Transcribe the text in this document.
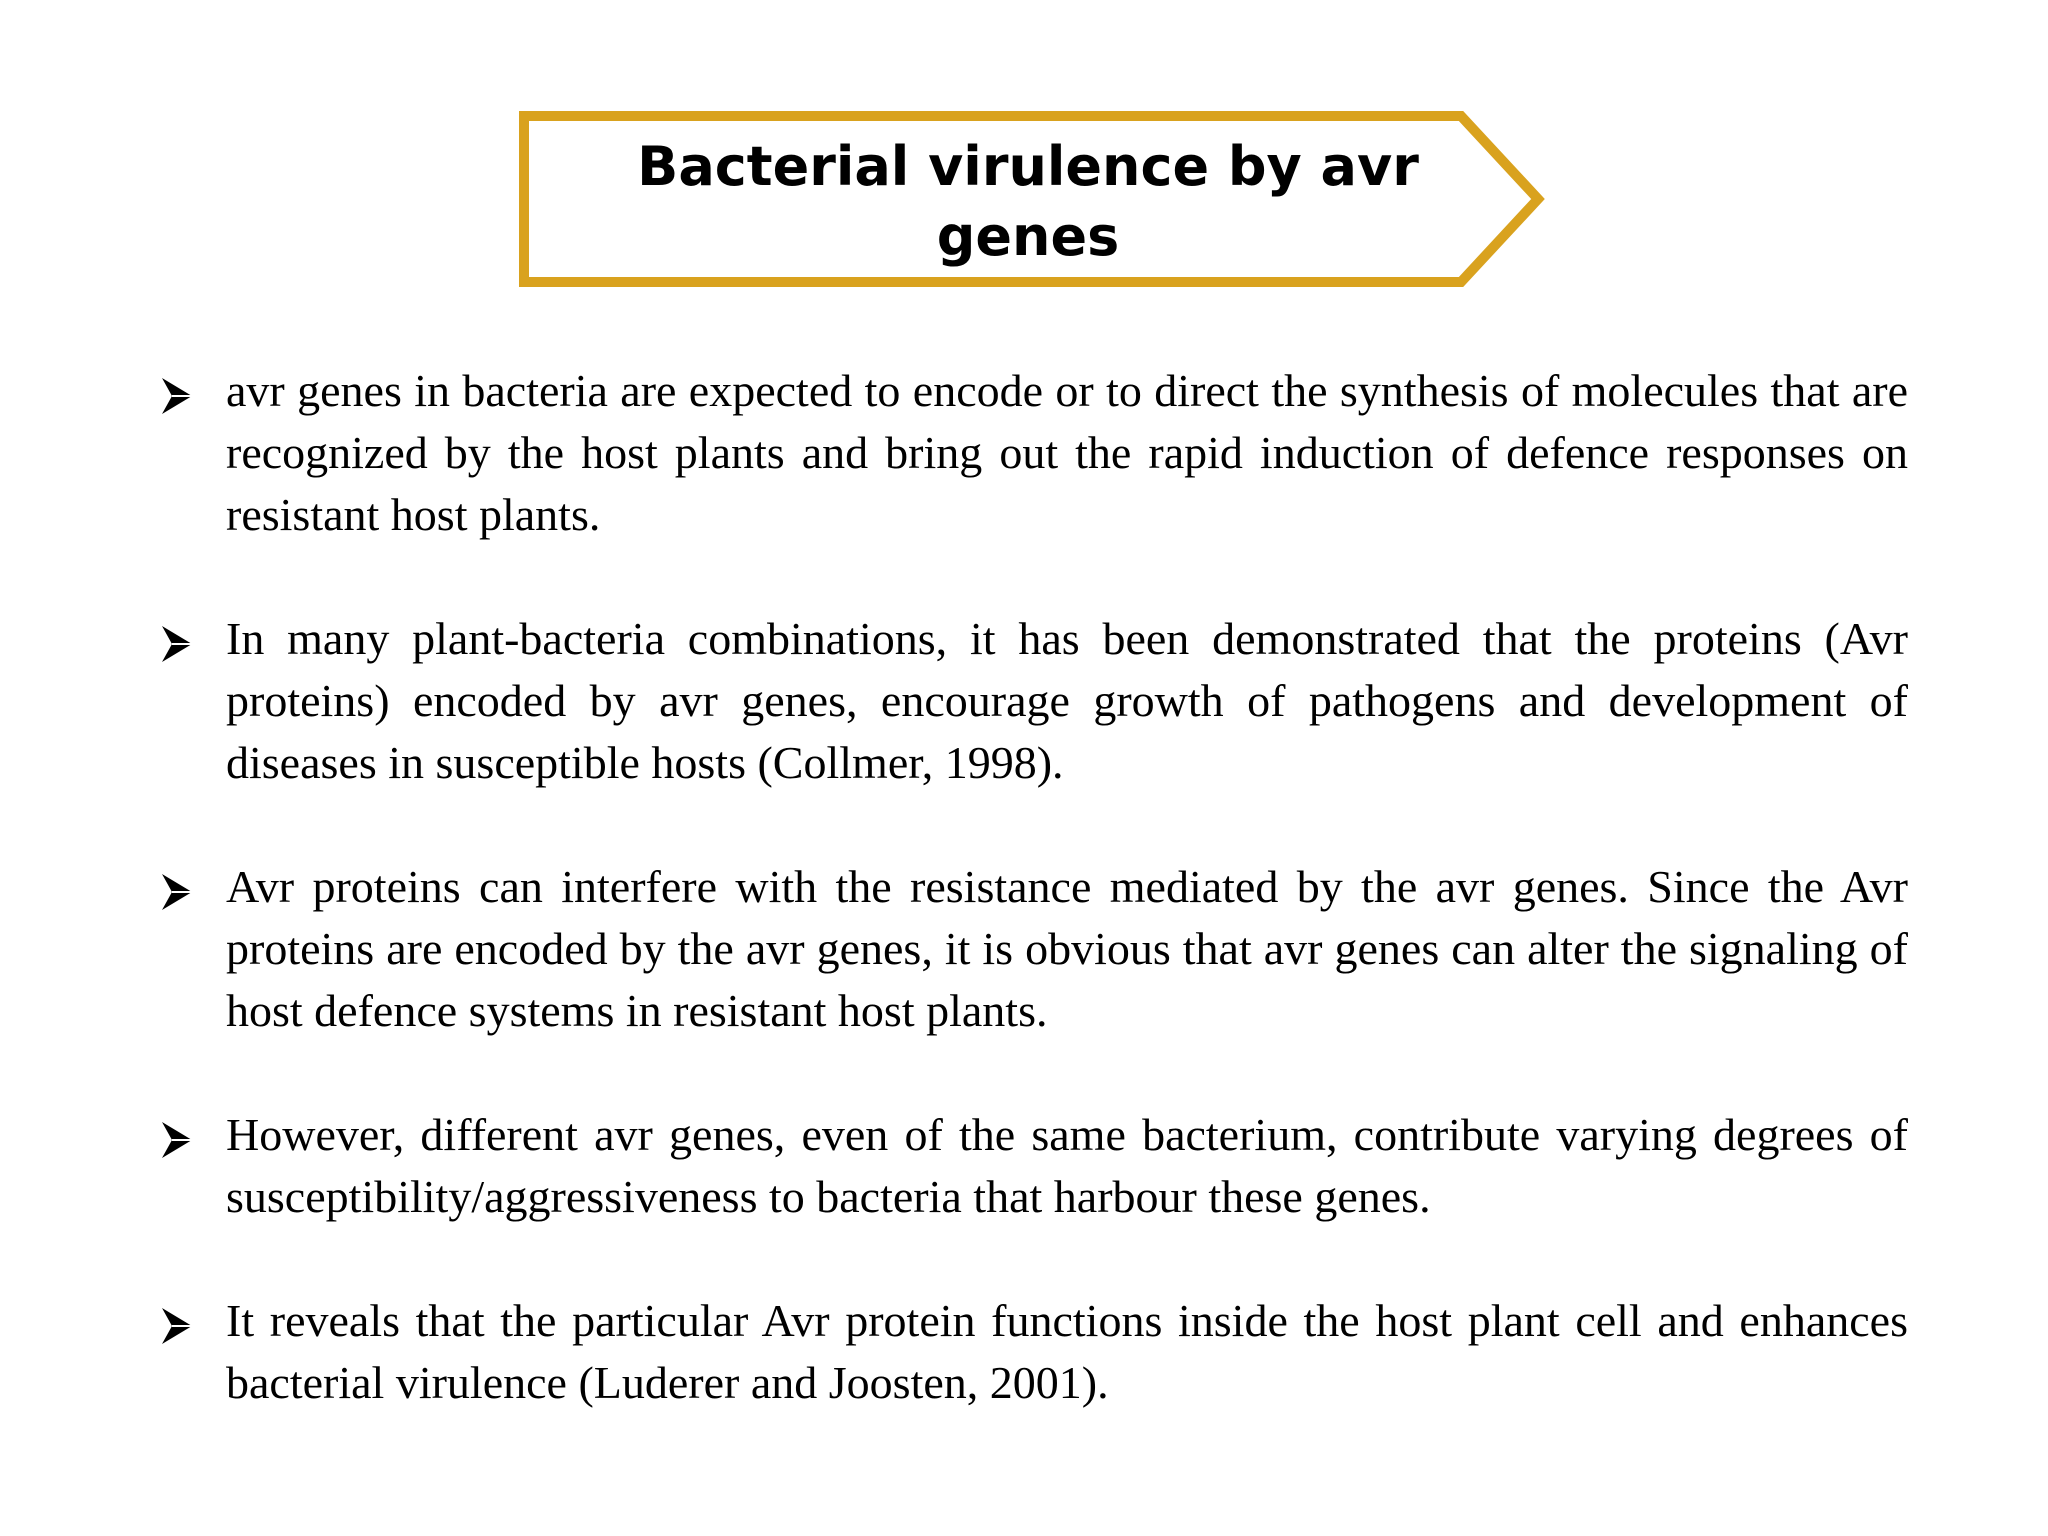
Bacterial virulence by avr genes
avr genes in bacteria are expected to encode or to direct the synthesis of molecules that are recognized by the host plants and bring out the rapid induction of defence responses on resistant host plants.
In many plant-bacteria combinations, it has been demonstrated that the proteins (Avr proteins) encoded by avr genes, encourage growth of pathogens and development of diseases in susceptible hosts (Collmer, 1998).
Avr proteins can interfere with the resistance mediated by the avr genes. Since the Avr proteins are encoded by the avr genes, it is obvious that avr genes can alter the signaling of host defence systems in resistant host plants.
However, different avr genes, even of the same bacterium, contribute varying degrees of susceptibility/aggressiveness to bacteria that harbour these genes.
It reveals that the particular Avr protein functions inside the host plant cell and enhances bacterial virulence (Luderer and Joosten, 2001).
